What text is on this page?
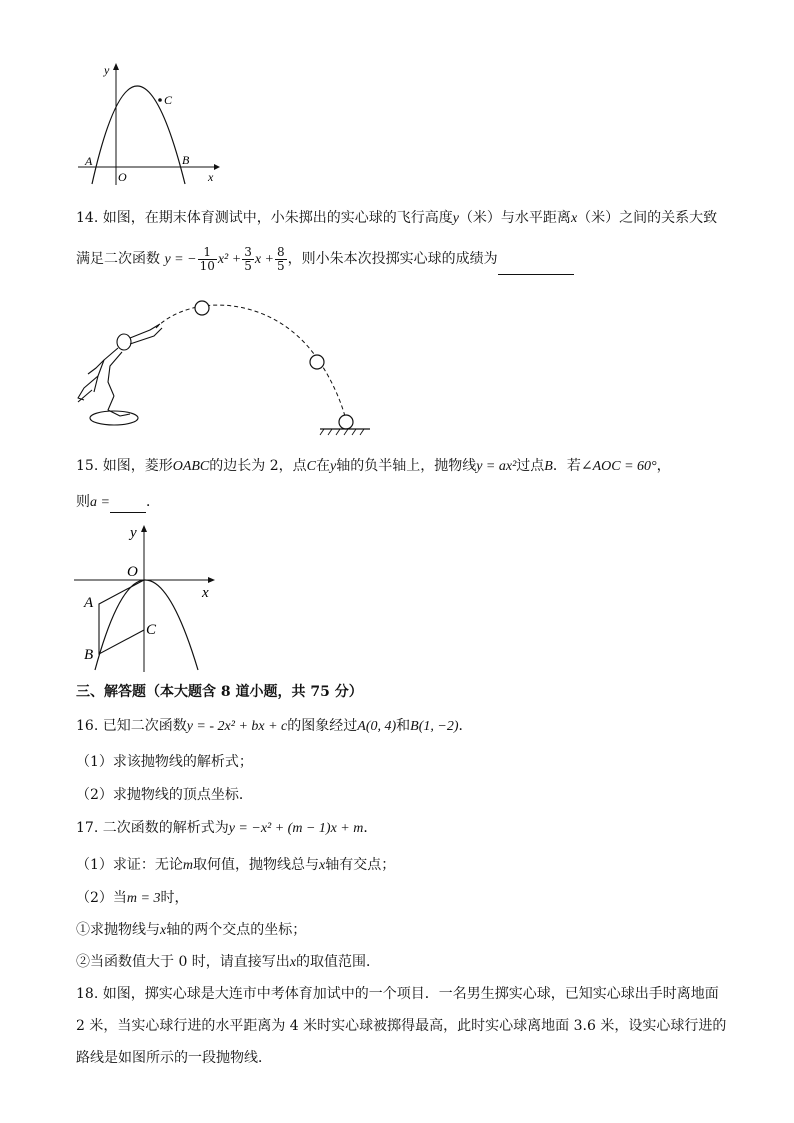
y
x
O
A	B
C
14. 如图，在期末体育测试中，小朱掷出的实心球的飞行高度y（米）与水平距离x（米）之间的关系大致
满足二次函数 y = − $\frac{1}{10} x^2 + \frac{3}{5}$ $x + \frac{8}{5}$ ，则小朱本次投掷实心球的成绩为
15. 如图，菱形OABC的边长为 2，点C在y轴的负半轴上，抛物线y = ax²过点B．若∠AOC = 60°，
则a =	．
y
x
O
A
B
C
三、解答题（本大题含 8 道小题，共 75 分）
16. 已知二次函数y = - 2x² + bx + c的图象经过A(0, 4)和B(1, −2)．
（1）求该抛物线的解析式；
（2）求抛物线的顶点坐标．
17. 二次函数的解析式为y = −x² + (m − 1)x + m．
（1）求证：无论m取何值，抛物线总与x轴有交点；
（2）当m = 3时，
①求抛物线与x轴的两个交点的坐标；
②当函数值大于 0 时，请直接写出x的取值范围．
18. 如图，掷实心球是大连市中考体育加试中的一个项目．一名男生掷实心球，已知实心球出手时离地面
2 米，当实心球行进的水平距离为 4 米时实心球被掷得最高，此时实心球离地面 3.6 米，设实心球行进的
路线是如图所示的一段抛物线．
